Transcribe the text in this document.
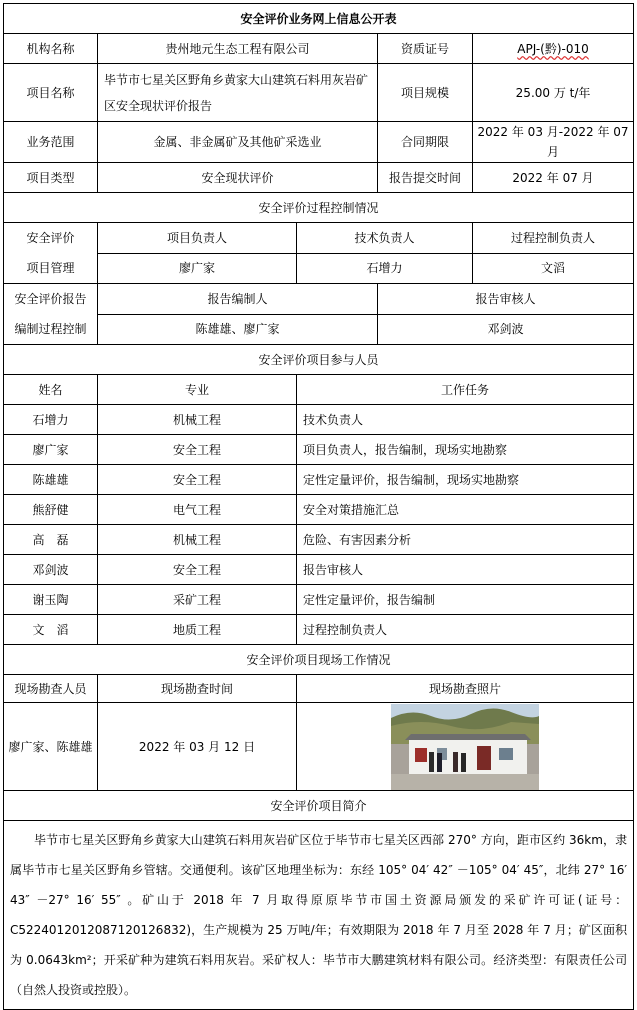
安全评价业务网上信息公开表				
机构名称	贵州地元生态工程有限公司		资质证号	APJ-(黔)-010
项目名称	毕节市七星关区野角乡黄家大山建筑石料用灰岩矿区安全现状评价报告		项目规模	25.00 万 t/年
业务范围	金属、非金属矿及其他矿采选业		合同期限	2022 年 03 月-2022 年 07 月
项目类型	安全现状评价		报告提交时间	2022 年 07 月
安全评价过程控制情况				

安全评价
项目管理	项目负责人	技术负责人		过程控制负责人
	廖广家	石增力		文滔

安全评价报告
编制过程控制	报告编制人		报告审核人	
	陈雄雄、廖广家		邓剑波	
安全评价项目参与人员				
姓名	专业	工作任务		
石增力	机械工程	技术负责人		
廖广家	安全工程	项目负责人，报告编制，现场实地勘察		
陈雄雄	安全工程	定性定量评价，报告编制，现场实地勘察		
熊舒健	电气工程	安全对策措施汇总		
高　磊	机械工程	危险、有害因素分析		
邓剑波	安全工程	报告审核人		
谢玉陶	采矿工程	定性定量评价，报告编制		
文　滔	地质工程	过程控制负责人		
安全评价项目现场工作情况				
现场勘查人员	现场勘查时间	现场勘查照片		
廖广家、陈雄雄	2022 年 03 月 12 日	

安全评价项目简介				
毕节市七星关区野角乡黄家大山建筑石料用灰岩矿区位于毕节市七星关区西部 270° 方向，距市区约 36km，隶属毕节市七星关区野角乡管辖。交通便利。该矿区地理坐标为：东经 105° 04′ 42″ －105° 04′ 45″，北纬 27° 16′ 43″ －27° 16′ 55″ 。矿山于 2018 年 7 月取得原原毕节市国土资源局颁发的采矿许可证(证号：C5224012012087120126832)，生产规模为 25 万吨/年；有效期限为 2018 年 7 月至 2028 年 7 月；矿区面积为 0.0643km²；开采矿种为建筑石料用灰岩。采矿权人：毕节市大鹏建筑材料有限公司。经济类型：有限责任公司（自然人投资或控股）。				
